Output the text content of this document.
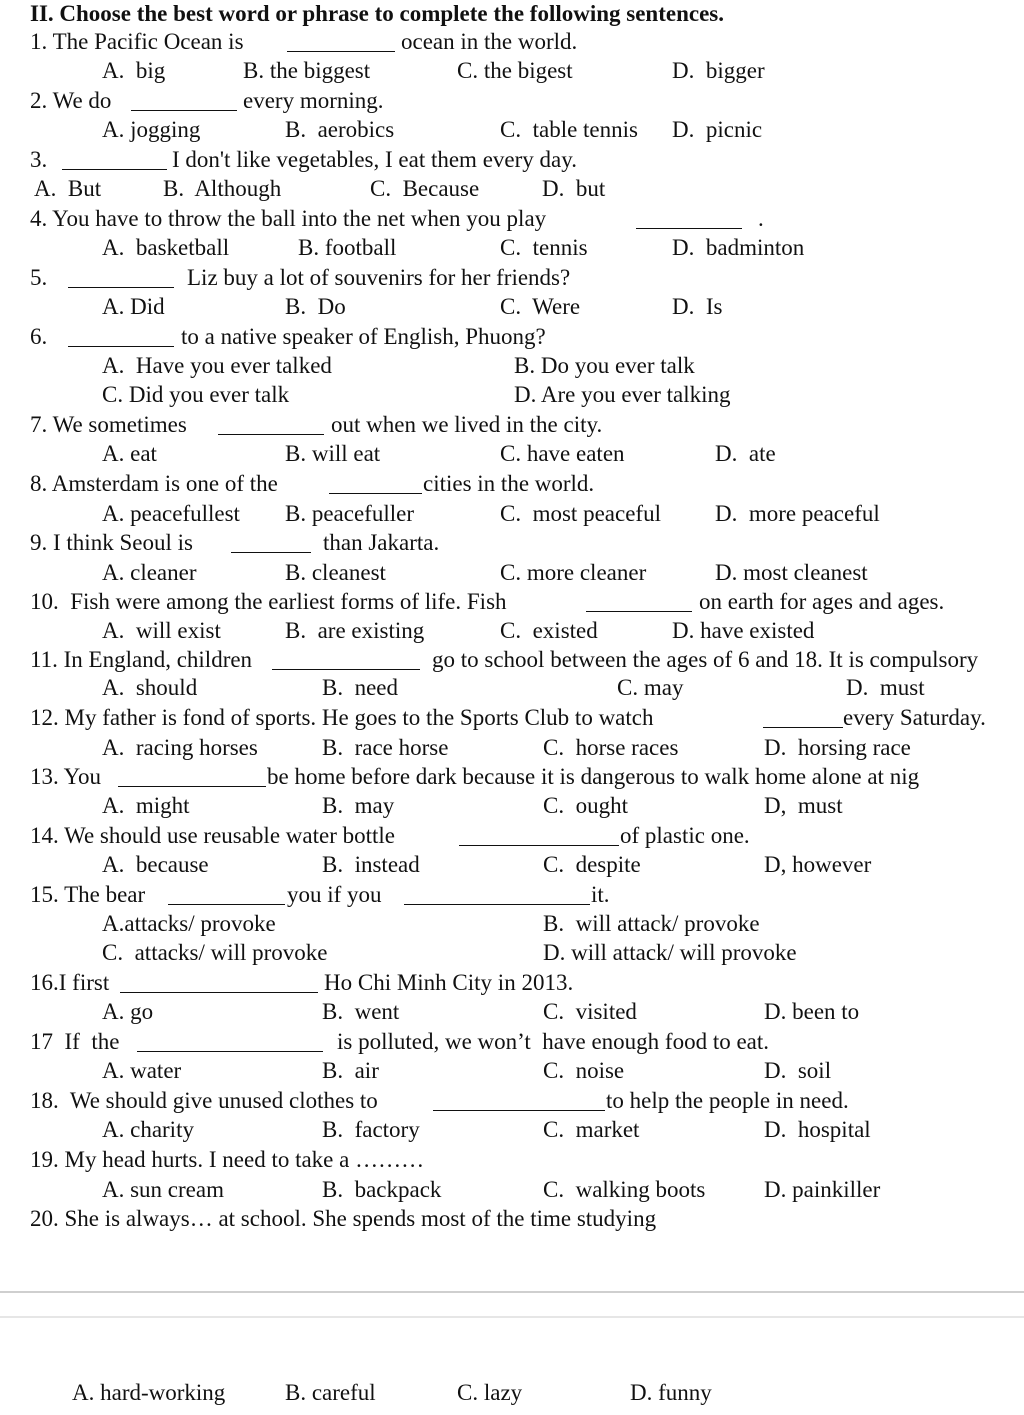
II. Choose the best word or phrase to complete the following sentences.
1. The Pacific Ocean is	ocean in the world.
A.  big	B. the biggest	C. the bigest	D.  bigger
2. We do	every morning.
A. jogging	B.  aerobics	C.  table tennis D.  picnic
3.	I don't like vegetables, I eat them every day.
A.  But	B.  Although	C.  Because	D.  but
4. You have to throw the ball into the net when you play	.
A.  basketball	B. football	C.  tennis	D.  badminton
5.	Liz buy a lot of souvenirs for her friends?
A. Did	B.  Do	C.  Were	D.  Is
6.	to a native speaker of English, Phuong?
A.  Have you ever talked	B. Do you ever talk
C. Did you ever talk	D. Are you ever talking
7. We sometimes	out when we lived in the city.
A. eat	B. will eat	C. have eaten	D.  ate
8. Amsterdam is one of the	cities in the world.
A. peacefullest B. peacefuller	C.  most peaceful D.  more peaceful
9. I think Seoul is	than Jakarta.
A. cleaner	B. cleanest	C. more cleaner	D. most cleanest
10.  Fish were among the earliest forms of life. Fish	on earth for ages and ages.
A.  will exist	B.  are existing	C.  existed	D. have existed
11. In England, children	go to school between the ages of 6 and 18. It is compulsory
A.  should	B.  need	C. may	D.  must
12. My father is fond of sports. He goes to the Sports Club to watch	every Saturday.
A.  racing horses	B.  race horse	C.  horse races	D.  horsing race
13. You	be home before dark because it is dangerous to walk home alone at nig
A.  might	B.  may	C.  ought	D,  must
14. We should use reusable water bottle	of plastic one.
A.  because	B.  instead	C.  despite	D, however
15. The bear	you if you	it.
A.attacks/ provoke	B.  will attack/ provoke
C.  attacks/ will provoke	D. will attack/ will provoke
16.I first	Ho Chi Minh City in 2013.
A. go	B.  went	C.  visited	D. been to
17  If  the	is polluted, we won’t  have enough food to eat.
A. water	B.  air	C.  noise	D.  soil
18.  We should give unused clothes to	to help the people in need.
A. charity	B.  factory	C.  market	D.  hospital
19. My head hurts. I need to take a ………
A. sun cream	B.  backpack	C.  walking boots	D. painkiller
20. She is always… at school. She spends most of the time studying
A. hard-working	B. careful	C. lazy	D. funny
